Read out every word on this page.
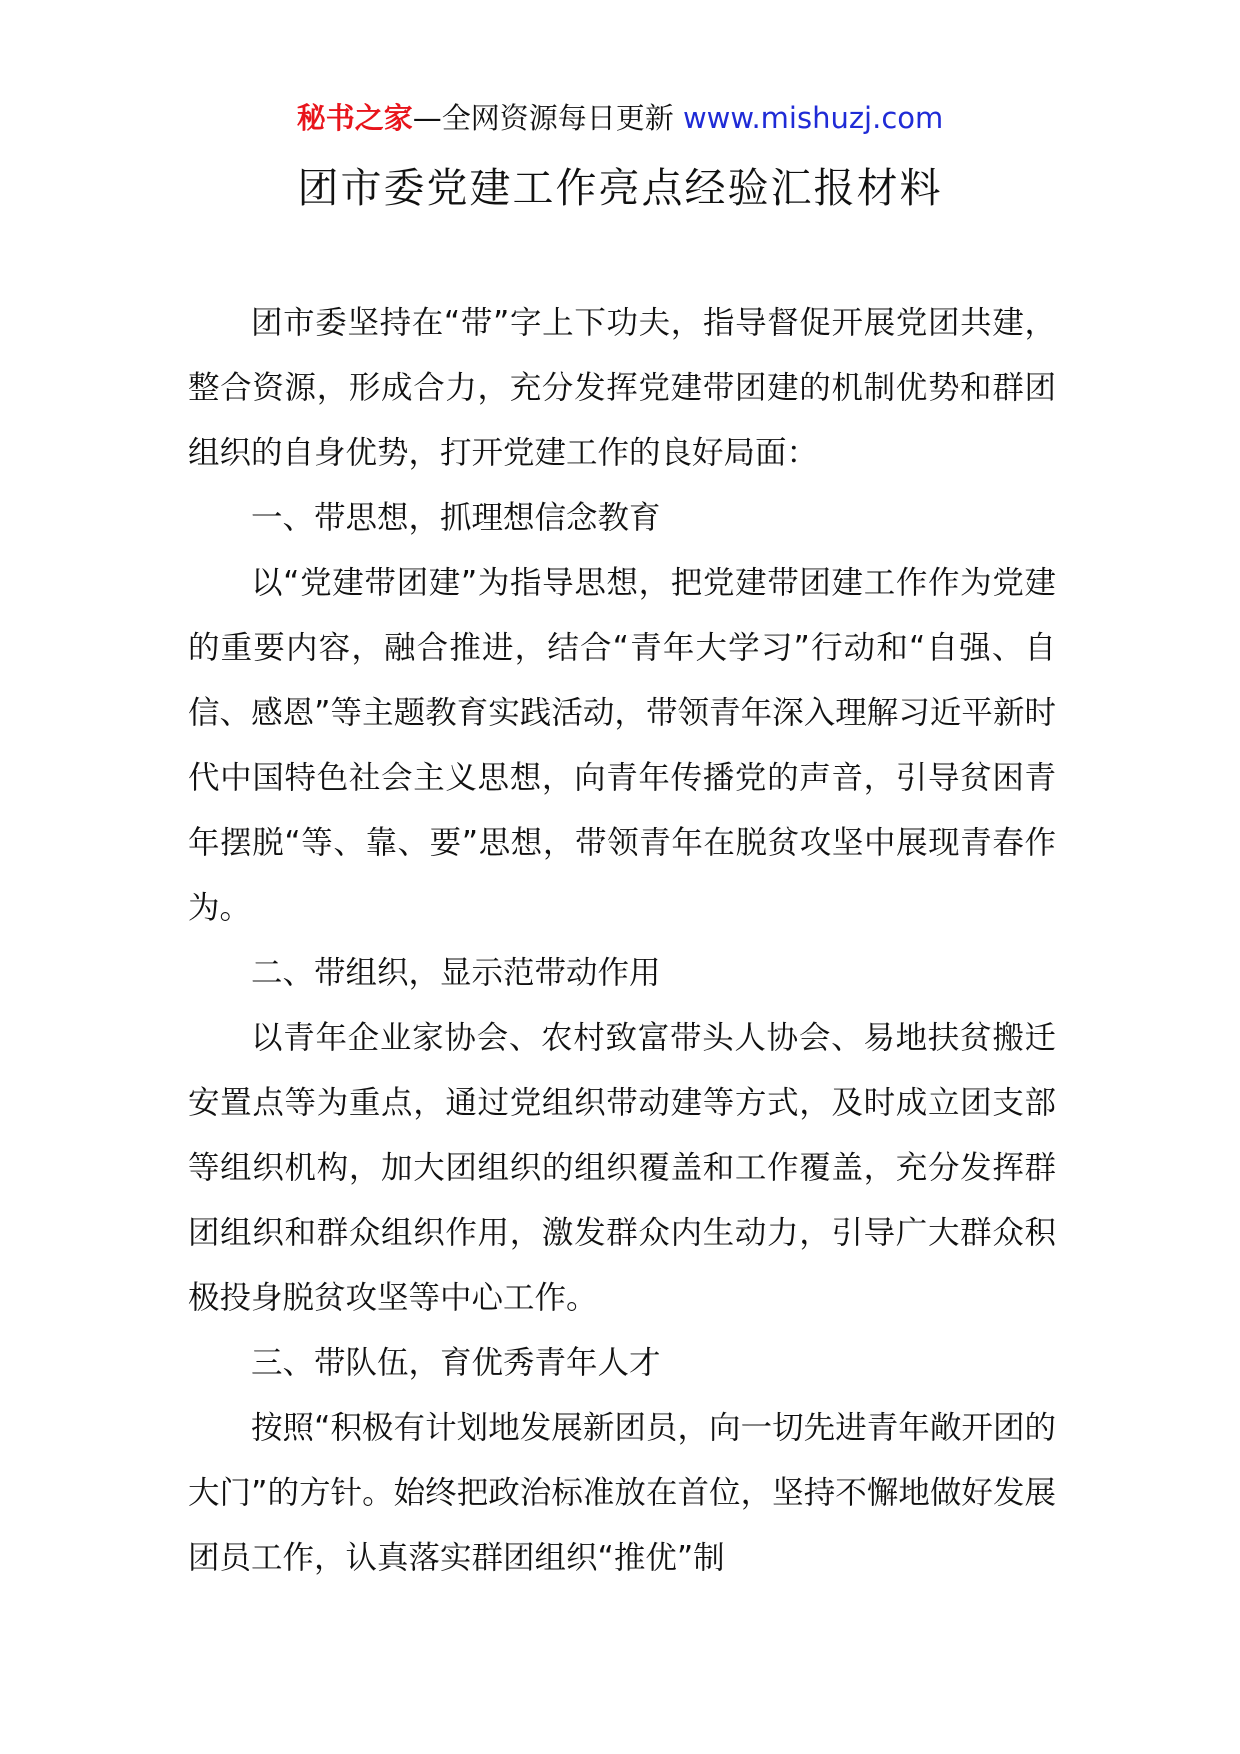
秘书之家—全网资源每日更新 www.mishuzj.com
团市委党建工作亮点经验汇报材料

团市委坚持在“带”字上下功夫，指导督促开展党团共建，整合资源，形成合力，充分发挥党建带团建的机制优势和群团组织的自身优势，打开党建工作的良好局面：

一、带思想，抓理想信念教育

以“党建带团建”为指导思想，把党建带团建工作作为党建的重要内容，融合推进，结合“青年大学习”行动和“自强、自信、感恩”等主题教育实践活动，带领青年深入理解习近平新时代中国特色社会主义思想，向青年传播党的声音，引导贫困青年摆脱“等、靠、要”思想，带领青年在脱贫攻坚中展现青春作为。

二、带组织，显示范带动作用

以青年企业家协会、农村致富带头人协会、易地扶贫搬迁安置点等为重点，通过党组织带动建等方式，及时成立团支部等组织机构，加大团组织的组织覆盖和工作覆盖，充分发挥群团组织和群众组织作用，激发群众内生动力，引导广大群众积极投身脱贫攻坚等中心工作。

三、带队伍，育优秀青年人才

按照“积极有计划地发展新团员，向一切先进青年敞开团的大门”的方针。始终把政治标准放在首位，坚持不懈地做好发展团员工作，认真落实群团组织“推优”制
